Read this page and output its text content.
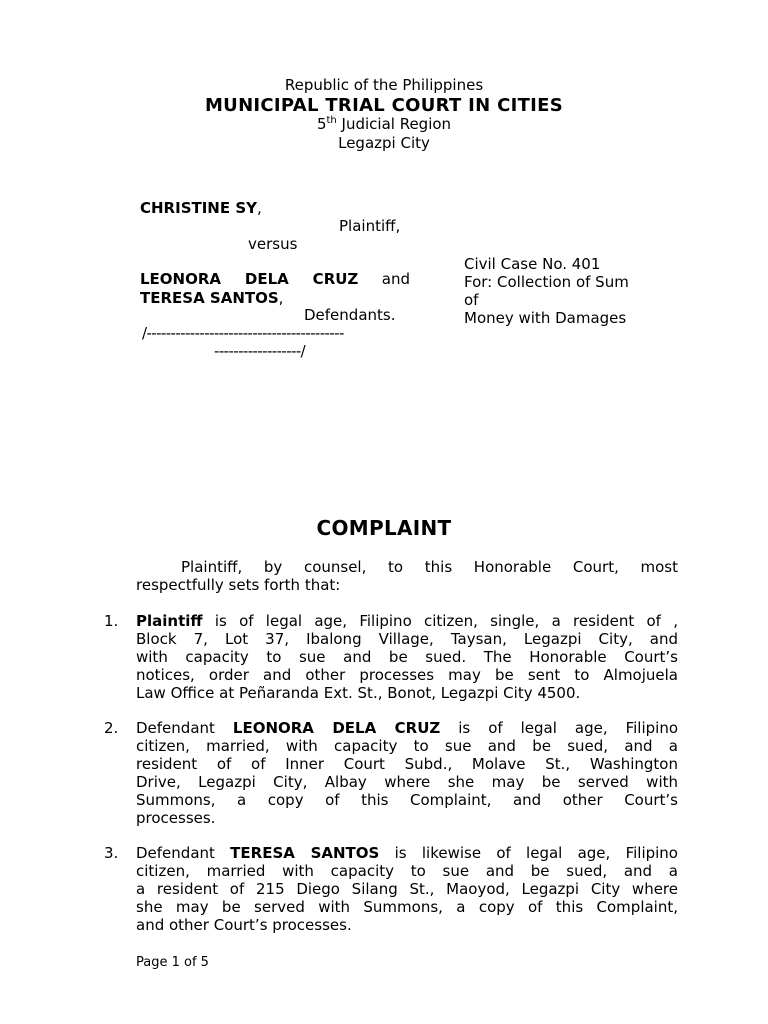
Republic of the Philippines
MUNICIPAL TRIAL COURT IN CITIES
5th Judicial Region
Legazpi City
CHRISTINE SY,
Plaintiff,
versus
LEONORA DELA CRUZ and
TERESA SANTOS,
Defendants.
/-----------------------------------------
------------------/
Civil Case No. 401
For: Collection of Sum
of
Money with Damages
COMPLAINT
Plaintiff, by counsel, to this Honorable Court, most
respectfully sets forth that:
1. Plaintiff is of legal age, Filipino citizen, single, a resident of ,
Block 7, Lot 37, Ibalong Village, Taysan, Legazpi City, and
with capacity to sue and be sued. The Honorable Court’s
notices, order and other processes may be sent to Almojuela
Law Office at Peñaranda Ext. St., Bonot, Legazpi City 4500.
2. Defendant LEONORA DELA CRUZ is of legal age, Filipino
citizen, married, with capacity to sue and be sued, and a
resident of of Inner Court Subd., Molave St., Washington
Drive, Legazpi City, Albay where she may be served with
Summons, a copy of this Complaint, and other Court’s
processes.
3. Defendant TERESA SANTOS is likewise of legal age, Filipino
citizen, married with capacity to sue and be sued, and a
a resident of 215 Diego Silang St., Maoyod, Legazpi City where
she may be served with Summons, a copy of this Complaint,
and other Court’s processes.
Page 1 of 5
